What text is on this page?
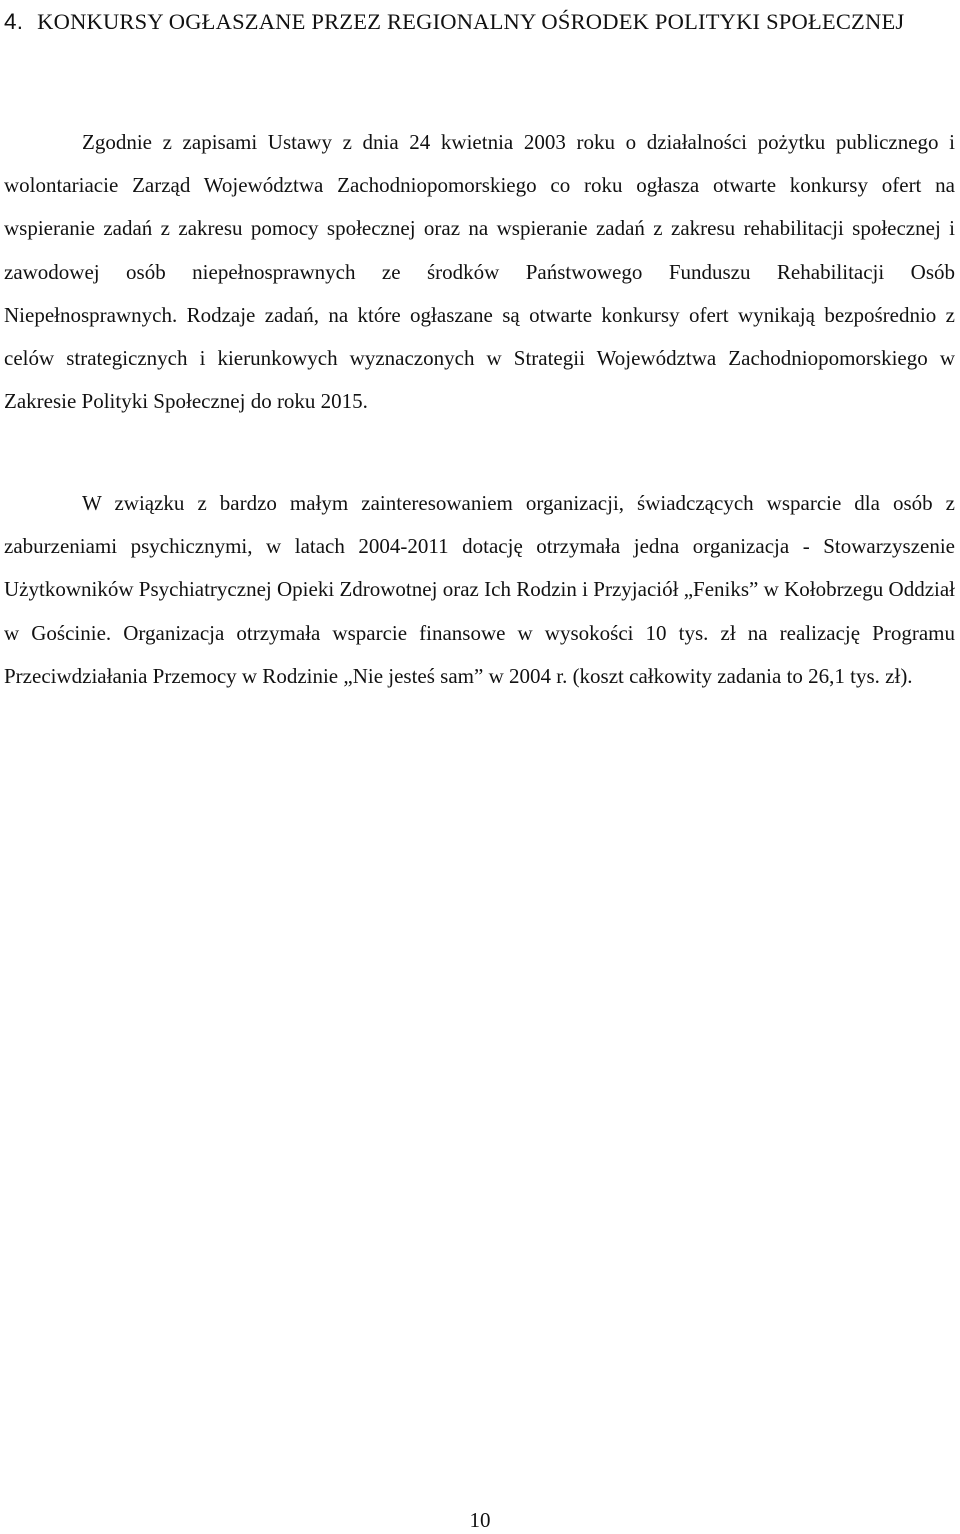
4. KONKURSY OGŁASZANE PRZEZ REGIONALNY OŚRODEK POLITYKI SPOŁECZNEJ

Zgodnie z zapisami Ustawy z dnia 24 kwietnia 2003 roku o działalności pożytku publicznego i wolontariacie Zarząd Województwa Zachodniopomorskiego co roku ogłasza otwarte konkursy ofert na wspieranie zadań z zakresu pomocy społecznej oraz na wspieranie zadań z zakresu rehabilitacji społecznej i zawodowej osób niepełnosprawnych ze środków Państwowego Funduszu Rehabilitacji Osób Niepełnosprawnych. Rodzaje zadań, na które ogłaszane są otwarte konkursy ofert wynikają bezpośrednio z celów strategicznych i kierunkowych wyznaczonych w Strategii Województwa Zachodniopomorskiego w Zakresie Polityki Społecznej do roku 2015.

W związku z bardzo małym zainteresowaniem organizacji, świadczących wsparcie dla osób z zaburzeniami psychicznymi, w latach 2004-2011 dotację otrzymała jedna organizacja - Stowarzyszenie Użytkowników Psychiatrycznej Opieki Zdrowotnej oraz Ich Rodzin i Przyjaciół „Feniks” w Kołobrzegu Oddział w Gościnie. Organizacja otrzymała wsparcie finansowe w wysokości 10 tys. zł na realizację Programu Przeciwdziałania Przemocy w Rodzinie „Nie jesteś sam” w 2004 r. (koszt całkowity zadania to 26,1 tys. zł).

10
